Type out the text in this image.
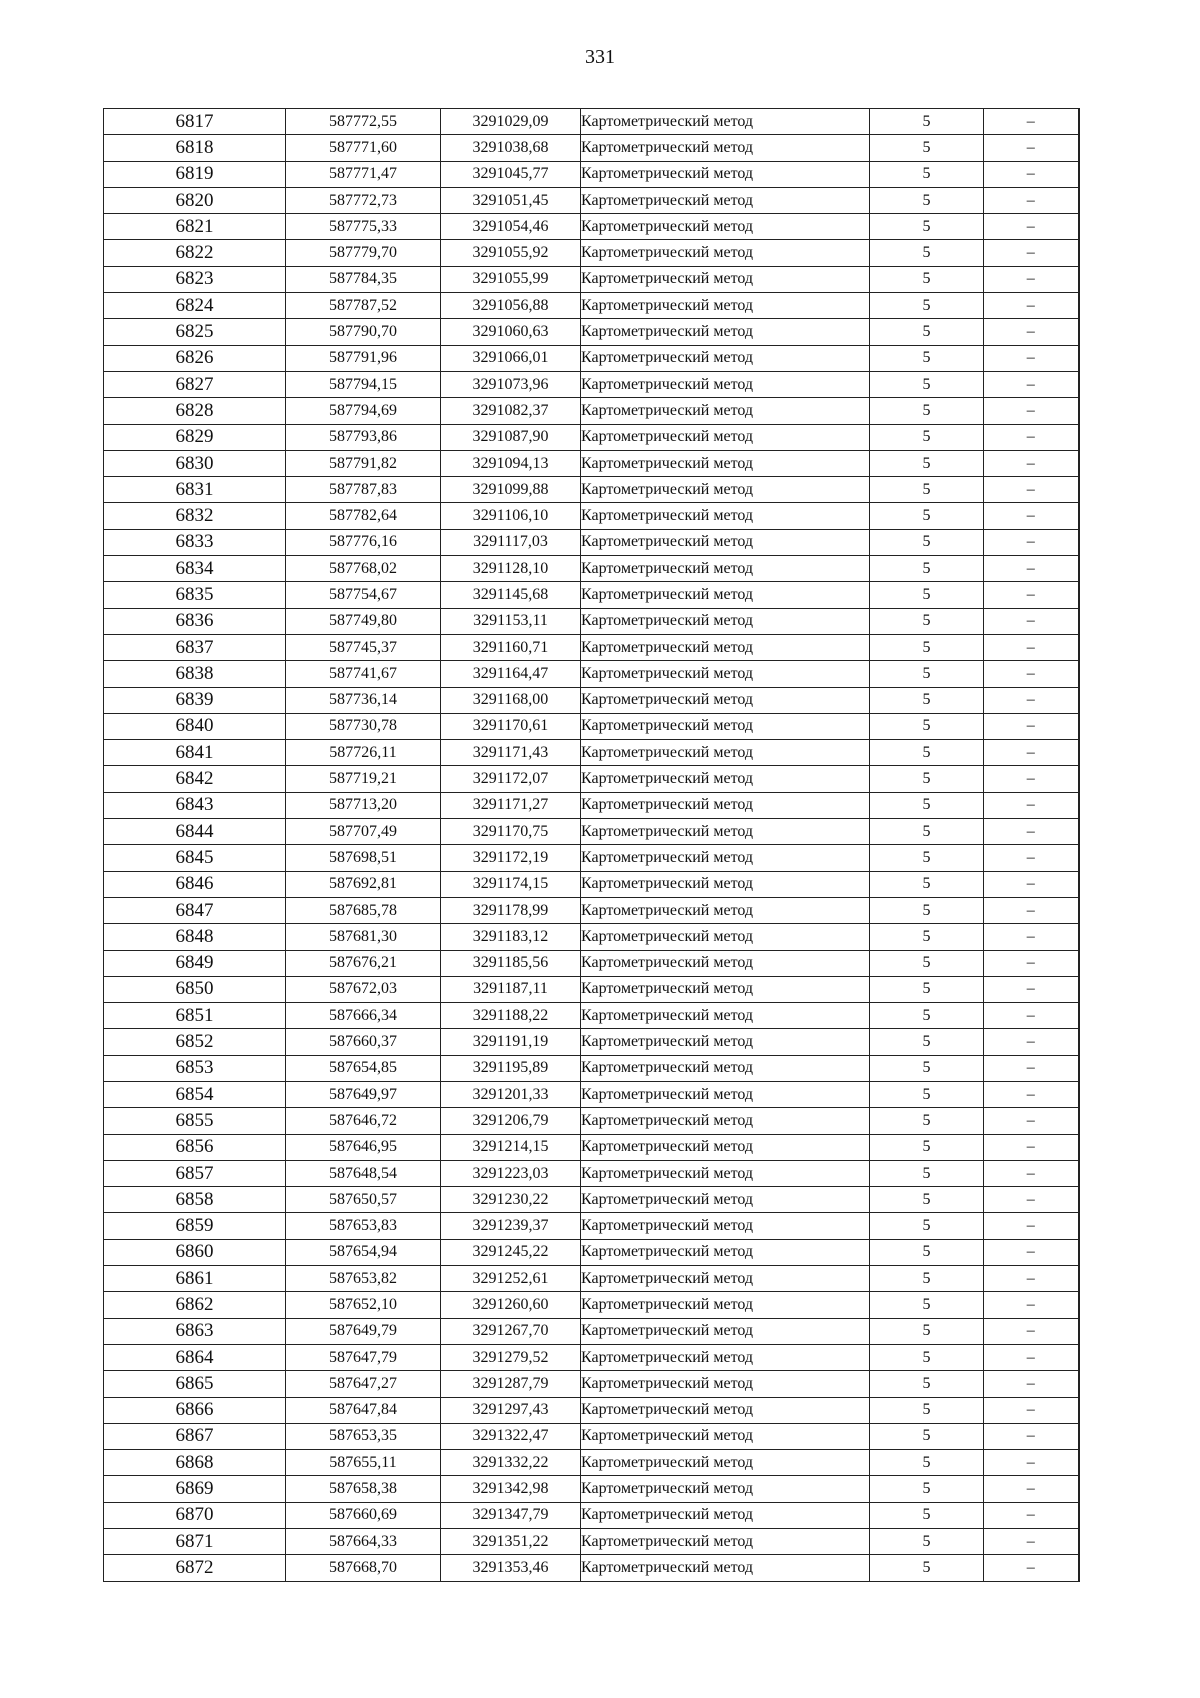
331
6817	587772,55	3291029,09	Картометрический метод	5	–
6818	587771,60	3291038,68	Картометрический метод	5	–
6819	587771,47	3291045,77	Картометрический метод	5	–
6820	587772,73	3291051,45	Картометрический метод	5	–
6821	587775,33	3291054,46	Картометрический метод	5	–
6822	587779,70	3291055,92	Картометрический метод	5	–
6823	587784,35	3291055,99	Картометрический метод	5	–
6824	587787,52	3291056,88	Картометрический метод	5	–
6825	587790,70	3291060,63	Картометрический метод	5	–
6826	587791,96	3291066,01	Картометрический метод	5	–
6827	587794,15	3291073,96	Картометрический метод	5	–
6828	587794,69	3291082,37	Картометрический метод	5	–
6829	587793,86	3291087,90	Картометрический метод	5	–
6830	587791,82	3291094,13	Картометрический метод	5	–
6831	587787,83	3291099,88	Картометрический метод	5	–
6832	587782,64	3291106,10	Картометрический метод	5	–
6833	587776,16	3291117,03	Картометрический метод	5	–
6834	587768,02	3291128,10	Картометрический метод	5	–
6835	587754,67	3291145,68	Картометрический метод	5	–
6836	587749,80	3291153,11	Картометрический метод	5	–
6837	587745,37	3291160,71	Картометрический метод	5	–
6838	587741,67	3291164,47	Картометрический метод	5	–
6839	587736,14	3291168,00	Картометрический метод	5	–
6840	587730,78	3291170,61	Картометрический метод	5	–
6841	587726,11	3291171,43	Картометрический метод	5	–
6842	587719,21	3291172,07	Картометрический метод	5	–
6843	587713,20	3291171,27	Картометрический метод	5	–
6844	587707,49	3291170,75	Картометрический метод	5	–
6845	587698,51	3291172,19	Картометрический метод	5	–
6846	587692,81	3291174,15	Картометрический метод	5	–
6847	587685,78	3291178,99	Картометрический метод	5	–
6848	587681,30	3291183,12	Картометрический метод	5	–
6849	587676,21	3291185,56	Картометрический метод	5	–
6850	587672,03	3291187,11	Картометрический метод	5	–
6851	587666,34	3291188,22	Картометрический метод	5	–
6852	587660,37	3291191,19	Картометрический метод	5	–
6853	587654,85	3291195,89	Картометрический метод	5	–
6854	587649,97	3291201,33	Картометрический метод	5	–
6855	587646,72	3291206,79	Картометрический метод	5	–
6856	587646,95	3291214,15	Картометрический метод	5	–
6857	587648,54	3291223,03	Картометрический метод	5	–
6858	587650,57	3291230,22	Картометрический метод	5	–
6859	587653,83	3291239,37	Картометрический метод	5	–
6860	587654,94	3291245,22	Картометрический метод	5	–
6861	587653,82	3291252,61	Картометрический метод	5	–
6862	587652,10	3291260,60	Картометрический метод	5	–
6863	587649,79	3291267,70	Картометрический метод	5	–
6864	587647,79	3291279,52	Картометрический метод	5	–
6865	587647,27	3291287,79	Картометрический метод	5	–
6866	587647,84	3291297,43	Картометрический метод	5	–
6867	587653,35	3291322,47	Картометрический метод	5	–
6868	587655,11	3291332,22	Картометрический метод	5	–
6869	587658,38	3291342,98	Картометрический метод	5	–
6870	587660,69	3291347,79	Картометрический метод	5	–
6871	587664,33	3291351,22	Картометрический метод	5	–
6872	587668,70	3291353,46	Картометрический метод	5	–
